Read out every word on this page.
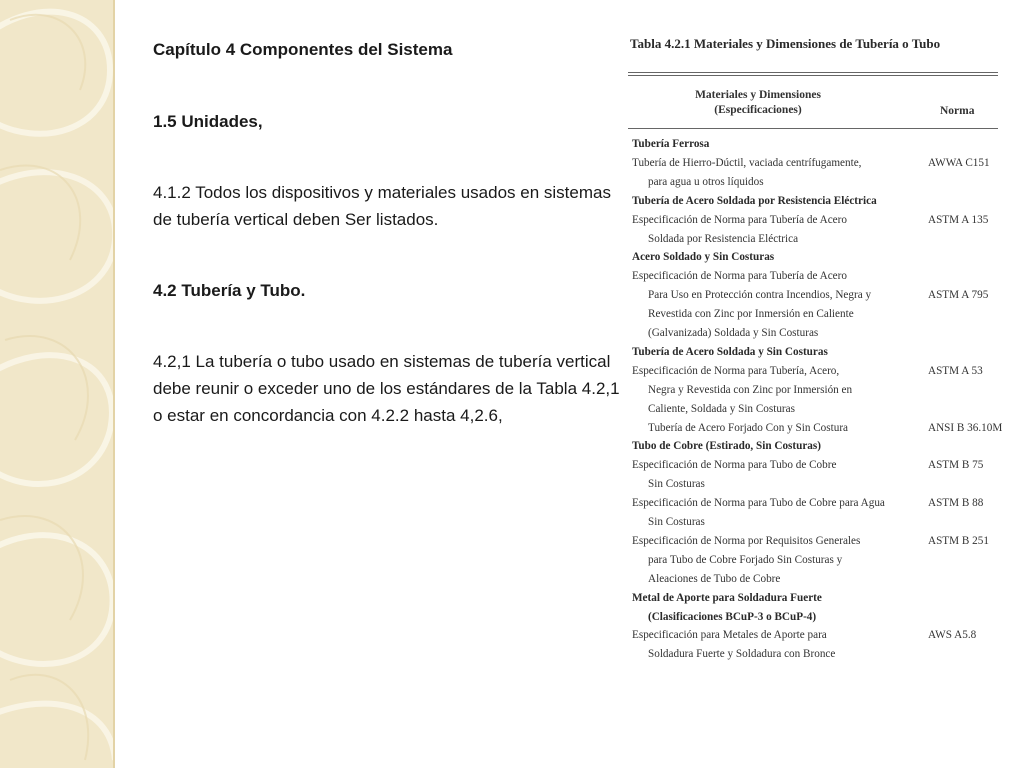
Capítulo 4 Componentes del Sistema

1.5 Unidades,

4.1.2 Todos los dispositivos y materiales usados en sistemas de tubería vertical deben Ser listados.

4.2 Tubería y Tubo.

4.2,1 La tubería o tubo usado en sistemas de tubería vertical debe reunir o exceder uno de los estándares de la Tabla 4.2,1 o estar en concordancia con 4.2.2 hasta 4,2.6,

Tabla 4.2.1 Materiales y Dimensiones de Tubería o Tubo
Materiales y Dimensiones
(Especificaciones)	Norma
Tubería Ferrosa
Tubería de Hierro-Dúctil, vaciada centrífugamente,	AWWA C151
para agua u otros líquidos
Tubería de Acero Soldada por Resistencia Eléctrica
Especificación de Norma para Tubería de Acero	ASTM A 135
Soldada por Resistencia Eléctrica
Acero Soldado y Sin Costuras
Especificación de Norma para Tubería de Acero
Para Uso en Protección contra Incendios, Negra y	ASTM A 795
Revestida con Zinc por Inmersión en Caliente
(Galvanizada) Soldada y Sin Costuras
Tubería de Acero Soldada y Sin Costuras
Especificación de Norma para Tubería, Acero,	ASTM A 53
Negra y Revestida con Zinc por Inmersión en
Caliente, Soldada y Sin Costuras
Tubería de Acero Forjado Con y Sin Costura	ANSI B 36.10M
Tubo de Cobre (Estirado, Sin Costuras)
Especificación de Norma para Tubo de Cobre	ASTM B 75
Sin Costuras
Especificación de Norma para Tubo de Cobre para Agua	ASTM B 88
Sin Costuras
Especificación de Norma por Requisitos Generales	ASTM B 251
para Tubo de Cobre Forjado Sin Costuras y
Aleaciones de Tubo de Cobre
Metal de Aporte para Soldadura Fuerte
(Clasificaciones BCuP-3 o BCuP-4)
Especificación para Metales de Aporte para	AWS A5.8
Soldadura Fuerte y Soldadura con Bronce
